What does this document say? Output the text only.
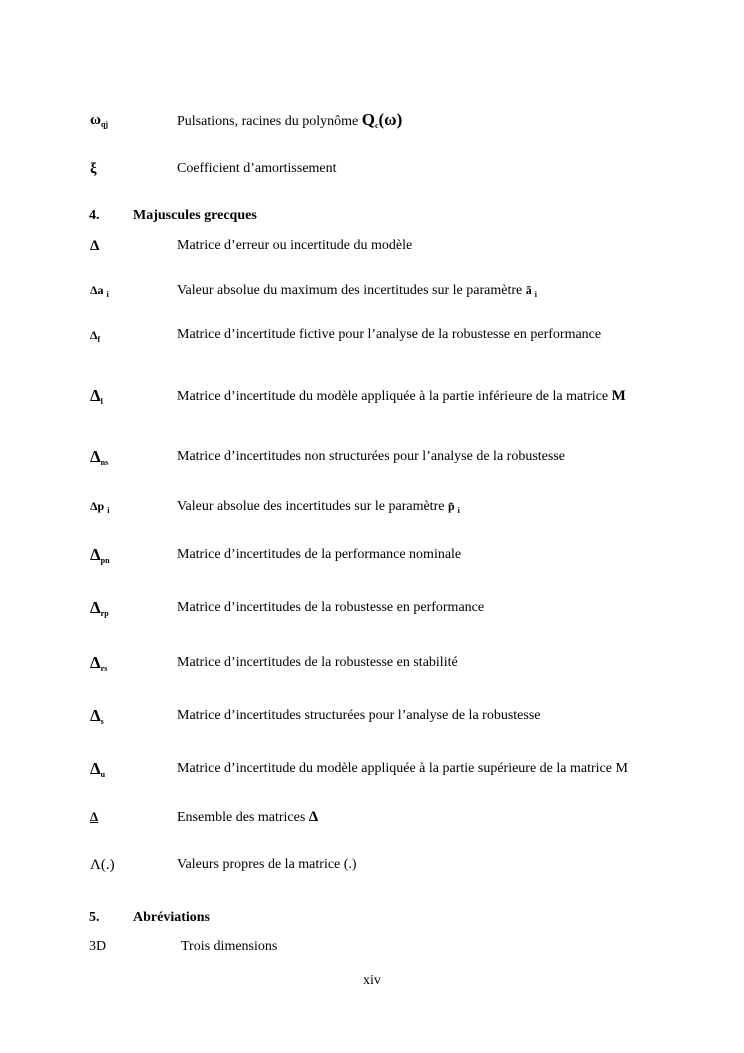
$\omega_{qj}$	Pulsations, racines du polynôme $Q_c(\omega)$
ξ	Coefficient d’amortissement
4. Majuscules grecques
Δ	Matrice d’erreur ou incertitude du modèle
Δa $_i$	Valeur absolue du maximum des incertitudes sur le paramètre ã $_i$
$\Delta_f$	Matrice d’incertitude fictive pour l’analyse de la robustesse en performance
$\Delta_l$	Matrice d’incertitude du modèle appliquée à la partie inférieure de la matrice M
$\Delta_{ns}$	Matrice d’incertitudes non structurées pour l’analyse de la robustesse
Δp $_i$	Valeur absolue des incertitudes sur le paramètre p̃ $_i$
$\Delta_{pn}$	Matrice d’incertitudes de la performance nominale
$\Delta_{rp}$	Matrice d’incertitudes de la robustesse en performance
$\Delta_{rs}$	Matrice d’incertitudes de la robustesse en stabilité
$\Delta_s$	Matrice d’incertitudes structurées pour l’analyse de la robustesse
$\Delta_u$	Matrice d’incertitude du modèle appliquée à la partie supérieure de la matrice M
Δ	Ensemble des matrices Δ
Λ(.)	Valeurs propres de la matrice (.)
5. Abréviations
3D	Trois dimensions
xiv
